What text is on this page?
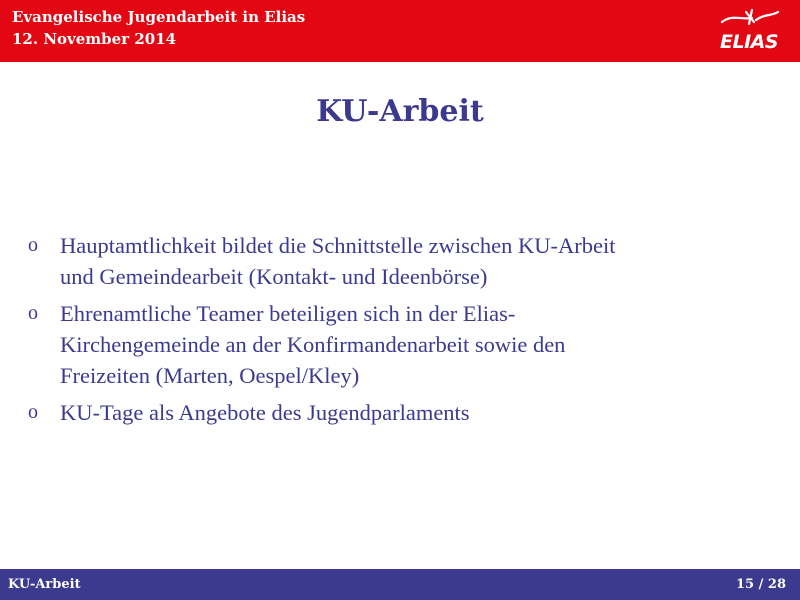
Evangelische Jugendarbeit in Elias
12. November 2014	ELIAS
KU-Arbeit
o Hauptamtlichkeit bildet die Schnittstelle zwischen KU-Arbeit
und Gemeindearbeit (Kontakt- und Ideenbörse)
o Ehrenamtliche Teamer beteiligen sich in der Elias-
Kirchengemeinde an der Konfirmandenarbeit sowie den
Freizeiten (Marten, Oespel/Kley)
o KU-Tage als Angebote des Jugendparlaments
KU-Arbeit	15 / 28
